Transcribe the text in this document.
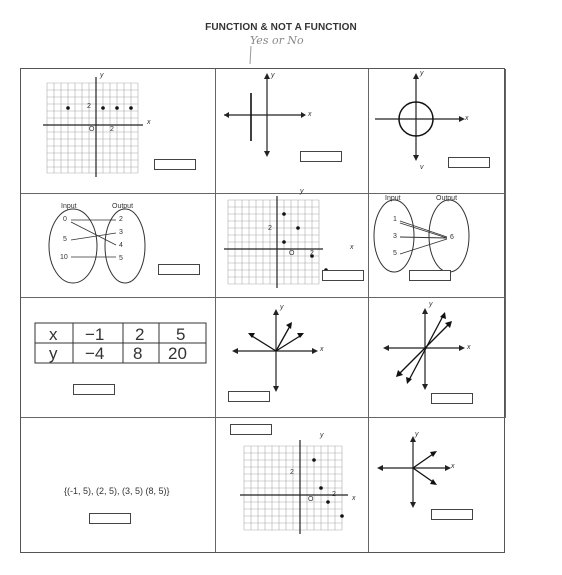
FUNCTION & NOT A FUNCTION
Yes or No
y
x
2
2
O
y
x
y
x
v
Input	Output
0
5
10
2
3
4
5
y
x
2
2
O
Input	Output
1
3
5
6
x −1 2 5
y −4 8 20
y
x
y
x
{(-1, 5), (2, 5), (3, 5) (8, 5)}
y
x
2
2
O
y
x
